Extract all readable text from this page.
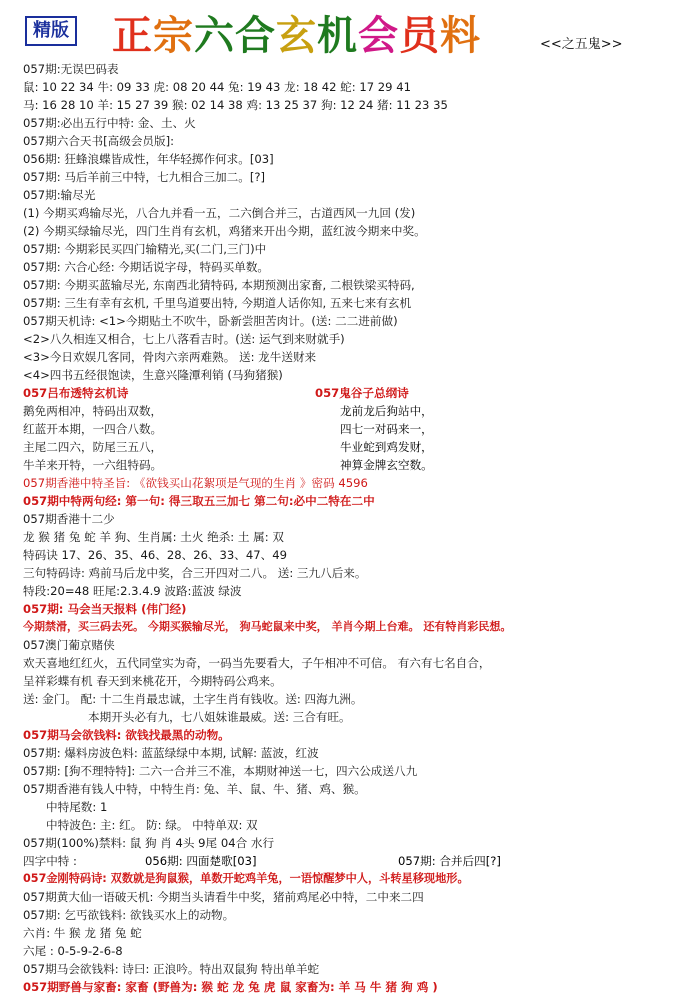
精版 正宗六合玄机会员料	<<之五鬼>>
057期:无误巴码表
鼠: 10 22 34 牛: 09 33 虎: 08 20 44 兔: 19 43 龙: 18 42 蛇: 17 29 41
马: 16 28 10 羊: 15 27 39 猴: 02 14 38 鸡: 13 25 37 狗: 12 24 猪: 11 23 35
057期:必出五行中特: 金、土、火
057期六合天书[高级会员版]:
056期: 狂蜂浪蝶皆成性，年华轻掷作何求。[03]
057期: 马后羊前三中特，七九相合三加二。[?]
057期:输尽光
(1) 今期买鸡输尽光，八合九并看一五，二六倒合并三，古道西风一九回 (发)
(2) 今期买绿输尽光，四门生肖有玄机，鸡猪来开出今期，蓝红波今期来中奖。
057期: 今期彩民买四门输精光,买(二门,三门)中
057期: 六合心经: 今期话说字母，特码买单数。
057期: 今期买蓝输尽光, 东南西北猜特码, 本期预测出家畜, 二根铁梁买特码,
057期: 三生有幸有玄机, 千里鸟道要出特, 今期道人话你知, 五来七来有玄机
057期天机诗: <1>今期贴土不吹牛，卧新尝胆苦肉计。(送: 二二进前做)
<2>八久相连又相合，七上八落看吉时。(送: 运气到来财就手)
<3>今日欢娱几客同，骨肉六亲两难熟。 送: 龙牛送财来
<4>四书五经很饱读，生意兴隆潭利销 (马狗猪猴)
057吕布透特玄机诗	057鬼谷子总纲诗
鹅免两相冲，特码出双数，	龙前龙后狗站中，
红蓝开本期，一四合八数。	四七一对码来一，
主尾二四六，防尾三五八，	牛业蛇到鸡发财，
牛羊来开特，一六组特码。	神算金牌玄空数。
057期香港中特圣旨: 《欲钱买山花絮项是气现的生肖 》密码 4596
057期中特两句经: 第一句: 得三取五三加七 第二句:必中二特在二中
057期香港十二少
龙 猴 猪 兔 蛇 羊 狗、生肖属: 土火 绝杀: 土 属: 双
特码诀 17、26、35、46、28、26、33、47、49
三句特码诗: 鸡前马后龙中奖，合三开四对二八。 送: 三九八后来。
特段:20=48 旺尾:2.3.4.9 波路:蓝波 绿波
057期: 马会当天报料 (伟门经)
今期禁滑，买三码去死。 今期买猴输尽光， 狗马蛇鼠来中奖， 羊肖今期上台难。 还有特肖彩民想。
057澳门葡京赌侠
欢天喜地红红火，五代同堂实为奇，一码当先要看大，子午相冲不可信。 有六有七名自合，
呈祥彩蝶有机 春天到来桃花开，今期特码公鸡来。
送: 金门。 配: 十二生肖最忠诚，土字生肖有钱收。送: 四海九洲。
本期开头必有九，七八姐妹谁最威。送: 三合有旺。
057期马会欲钱料: 欲钱找最黑的动物。
057期: 爆料房波色料: 蓝蓝绿绿中本期, 试解: 蓝波，红波
057期: [狗不理特特]: 二六一合并三不准，本期财神送一七，四六公成送八九
057期香港有钱人中特，中特生肖: 兔、羊、鼠、牛、猪、鸡、猴。
中特尾数: 1
中特波色: 主: 红。 防: 绿。 中特单双: 双
057期(100%)禁料: 鼠 狗 肖 4头 9尾 04合 水行
四字中特 :	056期: 四面楚歌[03]	057期: 合并后四[?]
057金刚特码诗: 双数就是狗鼠猴，单数开蛇鸡羊兔，一语惊醒梦中人，斗转星移现地形。
057期黄大仙一语破天机: 今期当头请看牛中奖，猪前鸡尾必中特，二中来二四
057期: 乞丐欲钱料: 欲钱买水上的动物。
六肖: 牛 猴 龙 猪 兔 蛇
六尾 : 0-5-9-2-6-8
057期马会欲钱料: 诗曰: 正浪吟。特出双鼠狗 特出单羊蛇
057期野兽与家畜: 家畜 (野兽为: 猴 蛇 龙 兔 虎 鼠 家畜为: 羊 马 牛 猪 狗 鸡 )
